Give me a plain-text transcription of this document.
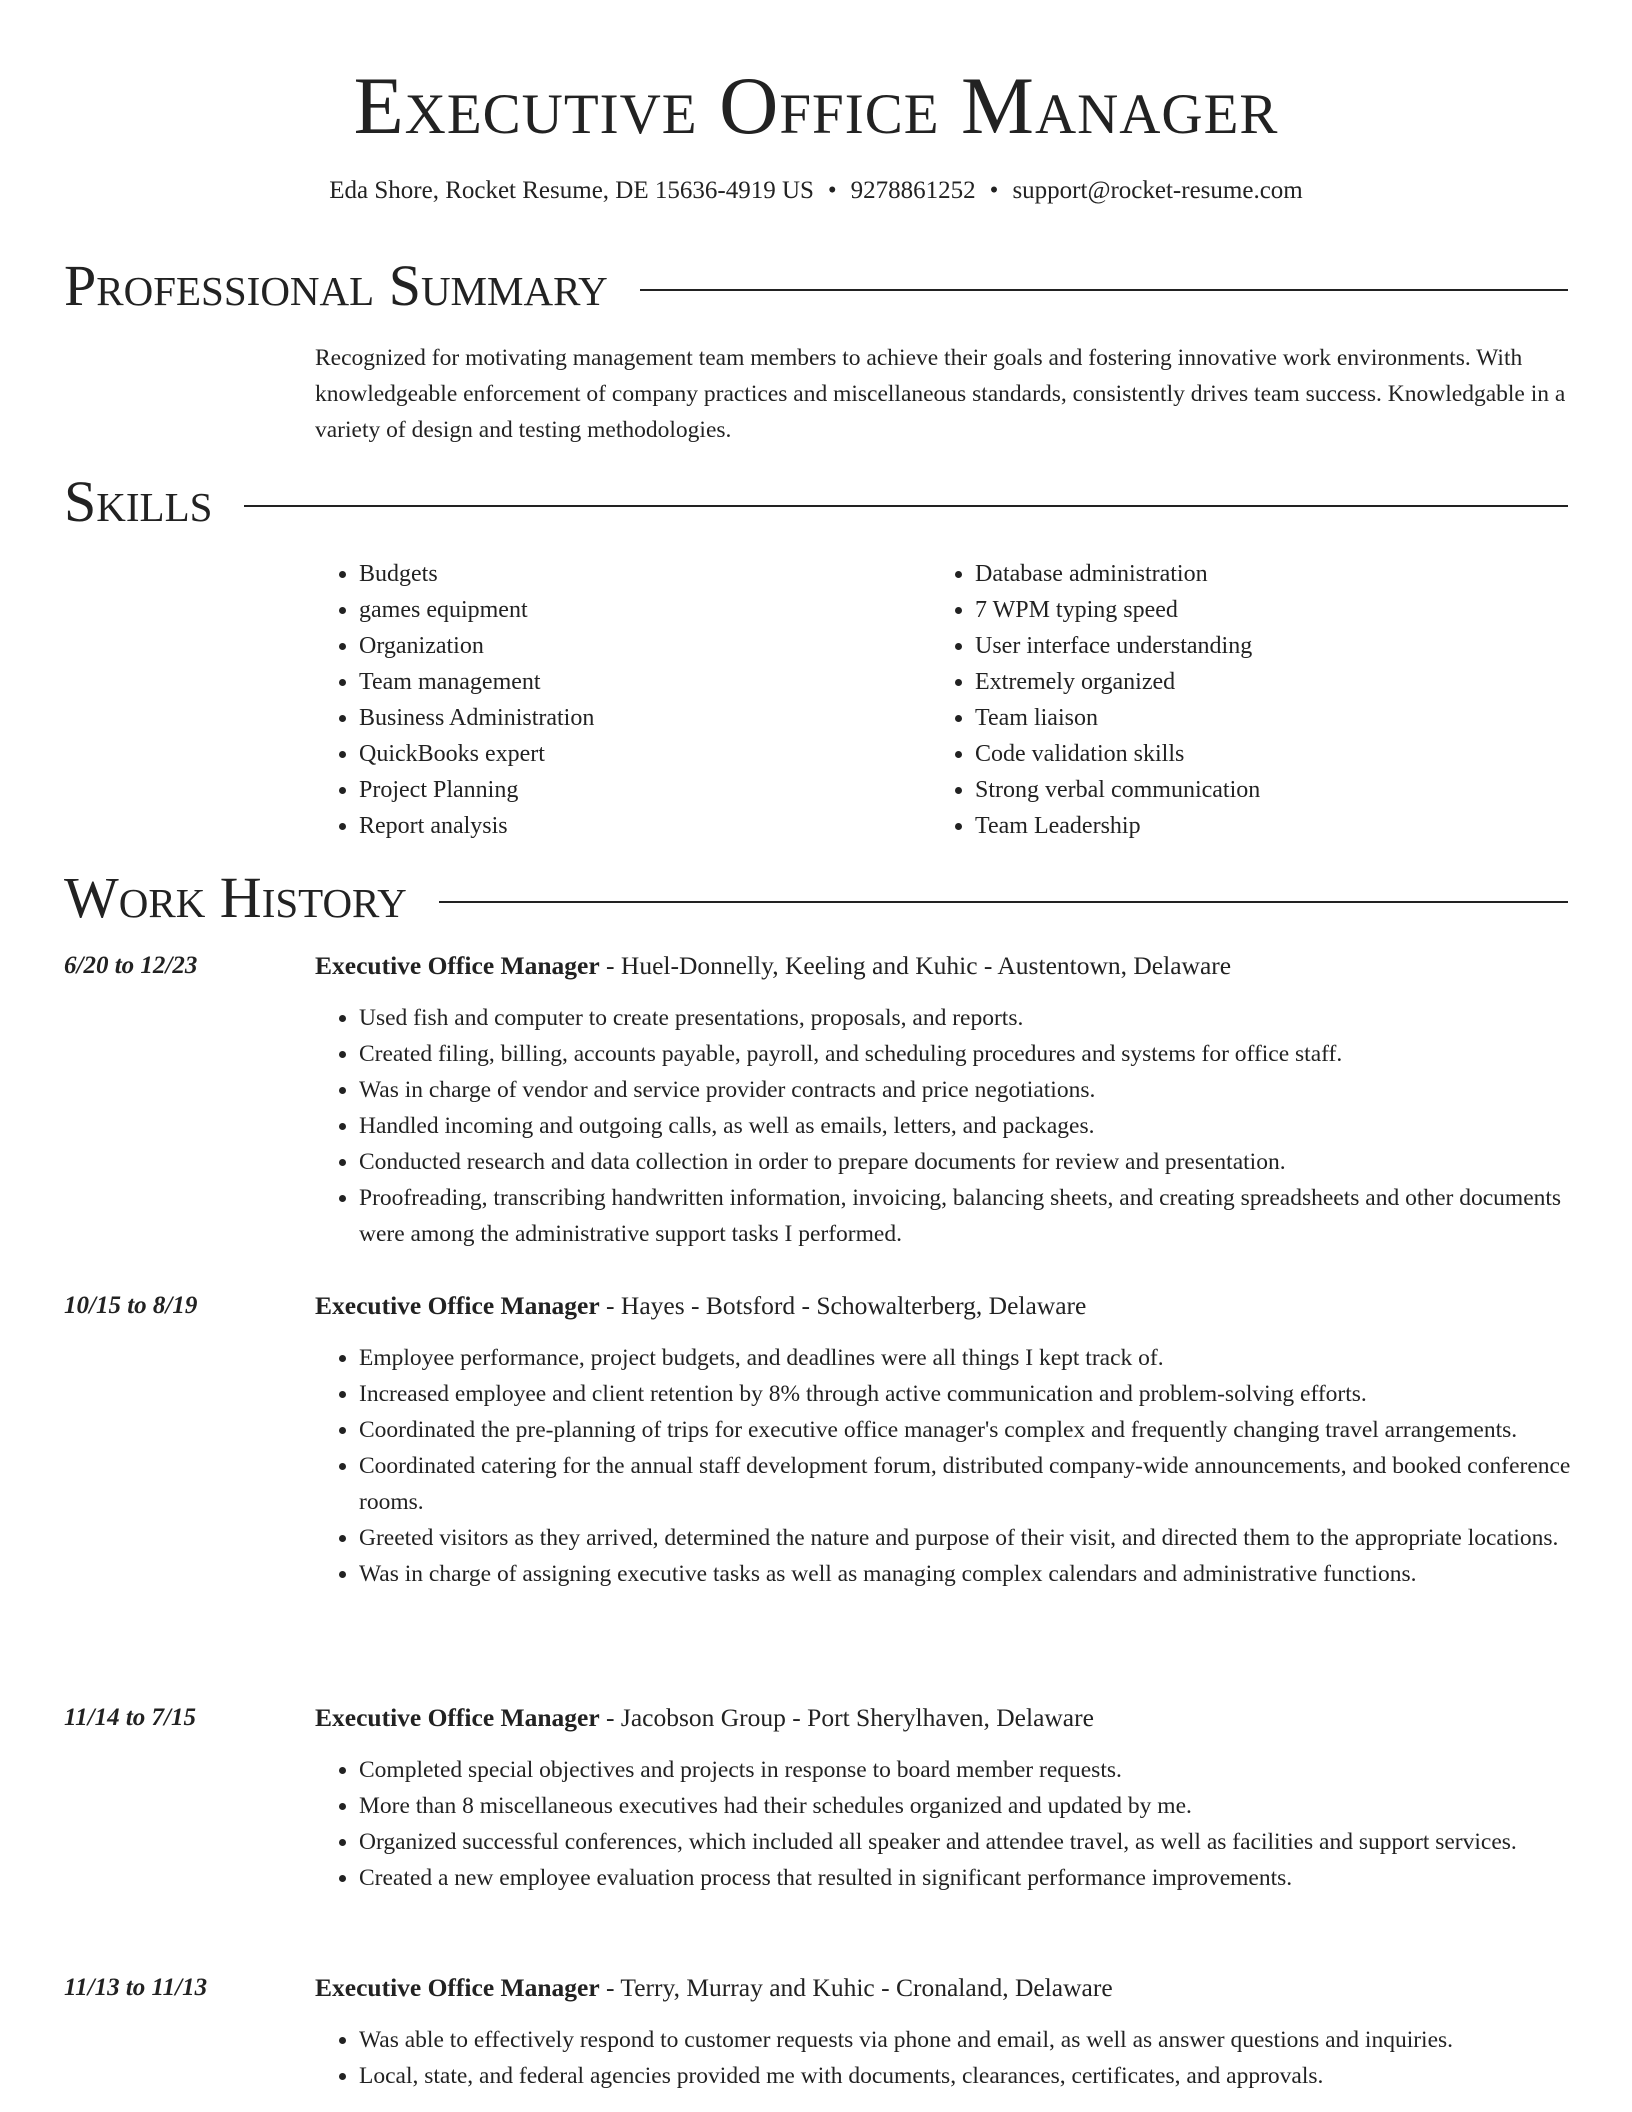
Executive Office Manager
Eda Shore, Rocket Resume, DE 15636-4919 US • 9278861252 • support@rocket-resume.com
Professional Summary

Recognized for motivating management team members to achieve their goals and fostering innovative work environments. With knowledgeable enforcement of company practices and miscellaneous standards, consistently drives team success. Knowledgable in a variety of design and testing methodologies.

Skills
• Budgets
• games equipment
• Organization
• Team management
• Business Administration
• QuickBooks expert
• Project Planning
• Report analysis
• Database administration
• 7 WPM typing speed
• User interface understanding
• Extremely organized
• Team liaison
• Code validation skills
• Strong verbal communication
• Team Leadership
Work History
6/20 to 12/23	Executive Office Manager - Huel-Donnelly, Keeling and Kuhic - Austentown, Delaware
• Used fish and computer to create presentations, proposals, and reports.
• Created filing, billing, accounts payable, payroll, and scheduling procedures and systems for office staff.
• Was in charge of vendor and service provider contracts and price negotiations.
• Handled incoming and outgoing calls, as well as emails, letters, and packages.
• Conducted research and data collection in order to prepare documents for review and presentation.
• Proofreading, transcribing handwritten information, invoicing, balancing sheets, and creating spreadsheets and other documents were among the administrative support tasks I performed.
10/15 to 8/19	Executive Office Manager - Hayes - Botsford - Schowalterberg, Delaware
• Employee performance, project budgets, and deadlines were all things I kept track of.
• Increased employee and client retention by 8% through active communication and problem-solving efforts.
• Coordinated the pre-planning of trips for executive office manager's complex and frequently changing travel arrangements.
• Coordinated catering for the annual staff development forum, distributed company-wide announcements, and booked conference rooms.
• Greeted visitors as they arrived, determined the nature and purpose of their visit, and directed them to the appropriate locations.
• Was in charge of assigning executive tasks as well as managing complex calendars and administrative functions.
11/14 to 7/15	Executive Office Manager - Jacobson Group - Port Sherylhaven, Delaware
• Completed special objectives and projects in response to board member requests.
• More than 8 miscellaneous executives had their schedules organized and updated by me.
• Organized successful conferences, which included all speaker and attendee travel, as well as facilities and support services.
• Created a new employee evaluation process that resulted in significant performance improvements.
11/13 to 11/13	Executive Office Manager - Terry, Murray and Kuhic - Cronaland, Delaware
• Was able to effectively respond to customer requests via phone and email, as well as answer questions and inquiries.
• Local, state, and federal agencies provided me with documents, clearances, certificates, and approvals.
